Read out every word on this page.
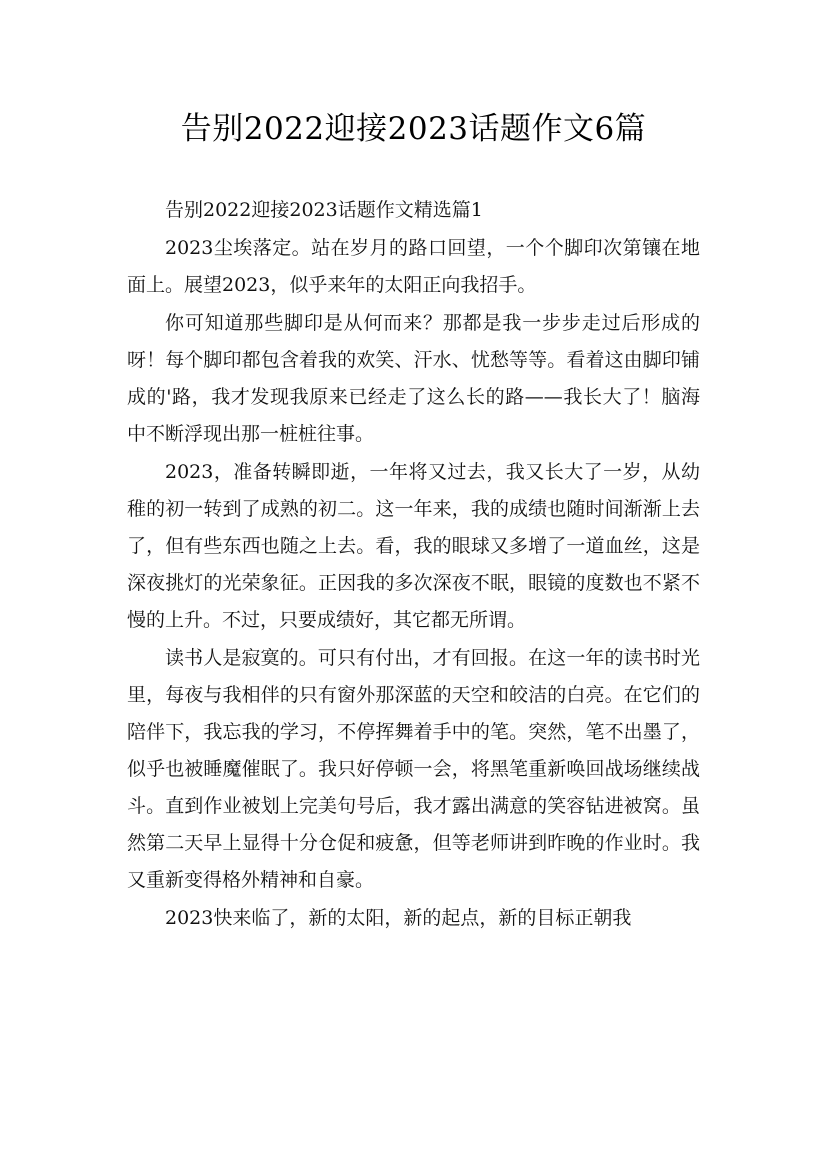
告别2022迎接2023话题作文6篇

告别2022迎接2023话题作文精选篇1

2023尘埃落定。站在岁月的路口回望，一个个脚印次第镶在地面上。展望2023，似乎来年的太阳正向我招手。

你可知道那些脚印是从何而来？那都是我一步步走过后形成的呀！每个脚印都包含着我的欢笑、汗水、忧愁等等。看着这由脚印铺成的'路，我才发现我原来已经走了这么长的路——我长大了！脑海中不断浮现出那一桩桩往事。

2023，准备转瞬即逝，一年将又过去，我又长大了一岁，从幼稚的初一转到了成熟的初二。这一年来，我的成绩也随时间渐渐上去了，但有些东西也随之上去。看，我的眼球又多增了一道血丝，这是深夜挑灯的光荣象征。正因我的多次深夜不眠，眼镜的度数也不紧不慢的上升。不过，只要成绩好，其它都无所谓。

读书人是寂寞的。可只有付出，才有回报。在这一年的读书时光里，每夜与我相伴的只有窗外那深蓝的天空和皎洁的白亮。在它们的陪伴下，我忘我的学习，不停挥舞着手中的笔。突然，笔不出墨了，似乎也被睡魔催眠了。我只好停顿一会，将黑笔重新唤回战场继续战斗。直到作业被划上完美句号后，我才露出满意的笑容钻进被窝。虽然第二天早上显得十分仓促和疲惫，但等老师讲到昨晚的作业时。我又重新变得格外精神和自豪。

2023快来临了，新的太阳，新的起点，新的目标正朝我
